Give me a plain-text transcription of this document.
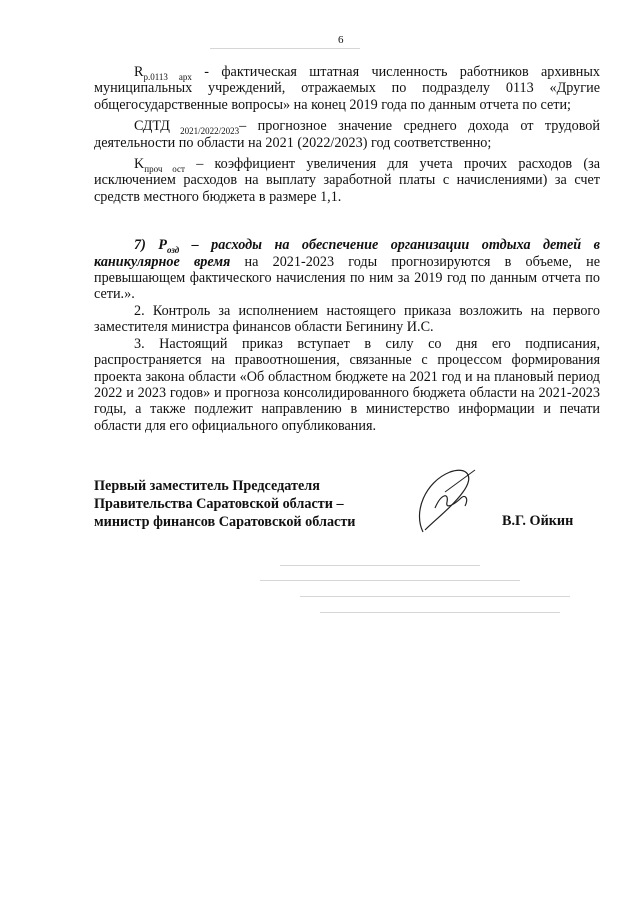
6

$R_{р.0113 арх}$ - фактическая штатная численность работников архивных муниципальных учреждений, отражаемых по подразделу 0113 «Другие общегосударственные вопросы» на конец 2019 года по данным отчета по сети;

СДТД $_{2021/2022/2023}$– прогнозное значение среднего дохода от трудовой деятельности по области на 2021 (2022/2023) год соответственно;

$K_{проч ост}$ – коэффициент увеличения для учета прочих расходов (за исключением расходов на выплату заработной платы с начислениями) за счет средств местного бюджета в размере 1,1.

7) $P_{озд}$ – расходы на обеспечение организации отдыха детей в каникулярное время на 2021-2023 годы прогнозируются в объеме, не превышающем фактического начисления по ним за 2019 год по данным отчета по сети.».

2. Контроль за исполнением настоящего приказа возложить на первого заместителя министра финансов области Бегинину И.С.

3. Настоящий приказ вступает в силу со дня его подписания, распространяется на правоотношения, связанные с процессом формирования проекта закона области «Об областном бюджете на 2021 год и на плановый период 2022 и 2023 годов» и прогноза консолидированного бюджета области на 2021-2023 годы, а также подлежит направлению в министерство информации и печати области для его официального опубликования.

Первый заместитель Председателя
Правительства Саратовской области –
министр финансов Саратовской области	В.Г. Ойкин
